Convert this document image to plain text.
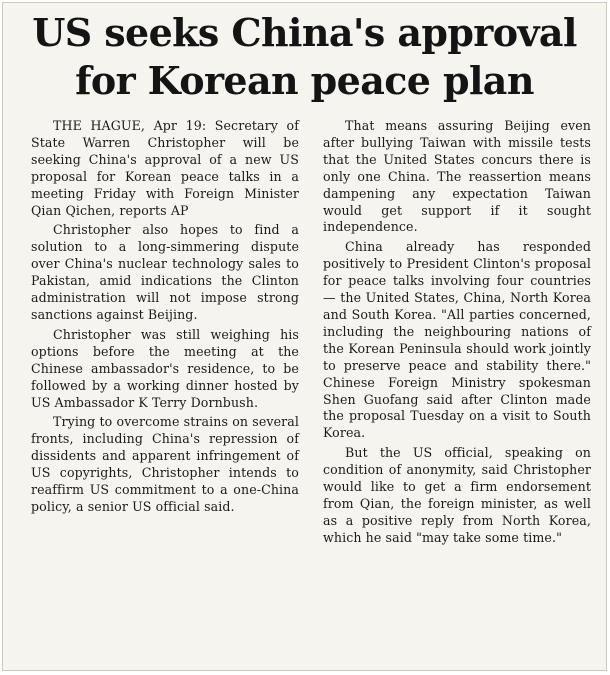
US seeks China's approval
for Korean peace plan

THE HAGUE, Apr 19: Secretary of State Warren Christopher will be seeking China's approval of a new US proposal for Korean peace talks in a meeting Friday with Foreign Minister Qian Qichen, reports AP

Christopher also hopes to find a solution to a long-simmering dispute over China's nuclear technology sales to Pakistan, amid indications the Clinton administration will not impose strong sanctions against Beijing.

Christopher was still weighing his options before the meeting at the Chinese ambassador's residence, to be followed by a working dinner hosted by US Ambassador K Terry Dornbush.

Trying to overcome strains on several fronts, including China's repression of dissidents and apparent infringement of US copyrights, Christopher intends to reaffirm US commitment to a one-China policy, a senior US official said.

That means assuring Beijing even after bullying Taiwan with missile tests that the United States concurs there is only one China. The reassertion means dampening any expectation Taiwan would get support if it sought independence.

China already has responded positively to President Clinton's proposal for peace talks involving four countries — the United States, China, North Korea and South Korea. "All parties concerned, including the neighbouring nations of the Korean Peninsula should work jointly to preserve peace and stability there." Chinese Foreign Ministry spokesman Shen Guofang said after Clinton made the proposal Tuesday on a visit to South Korea.

But the US official, speaking on condition of anonymity, said Christopher would like to get a firm endorsement from Qian, the foreign minister, as well as a positive reply from North Korea, which he said "may take some time."
